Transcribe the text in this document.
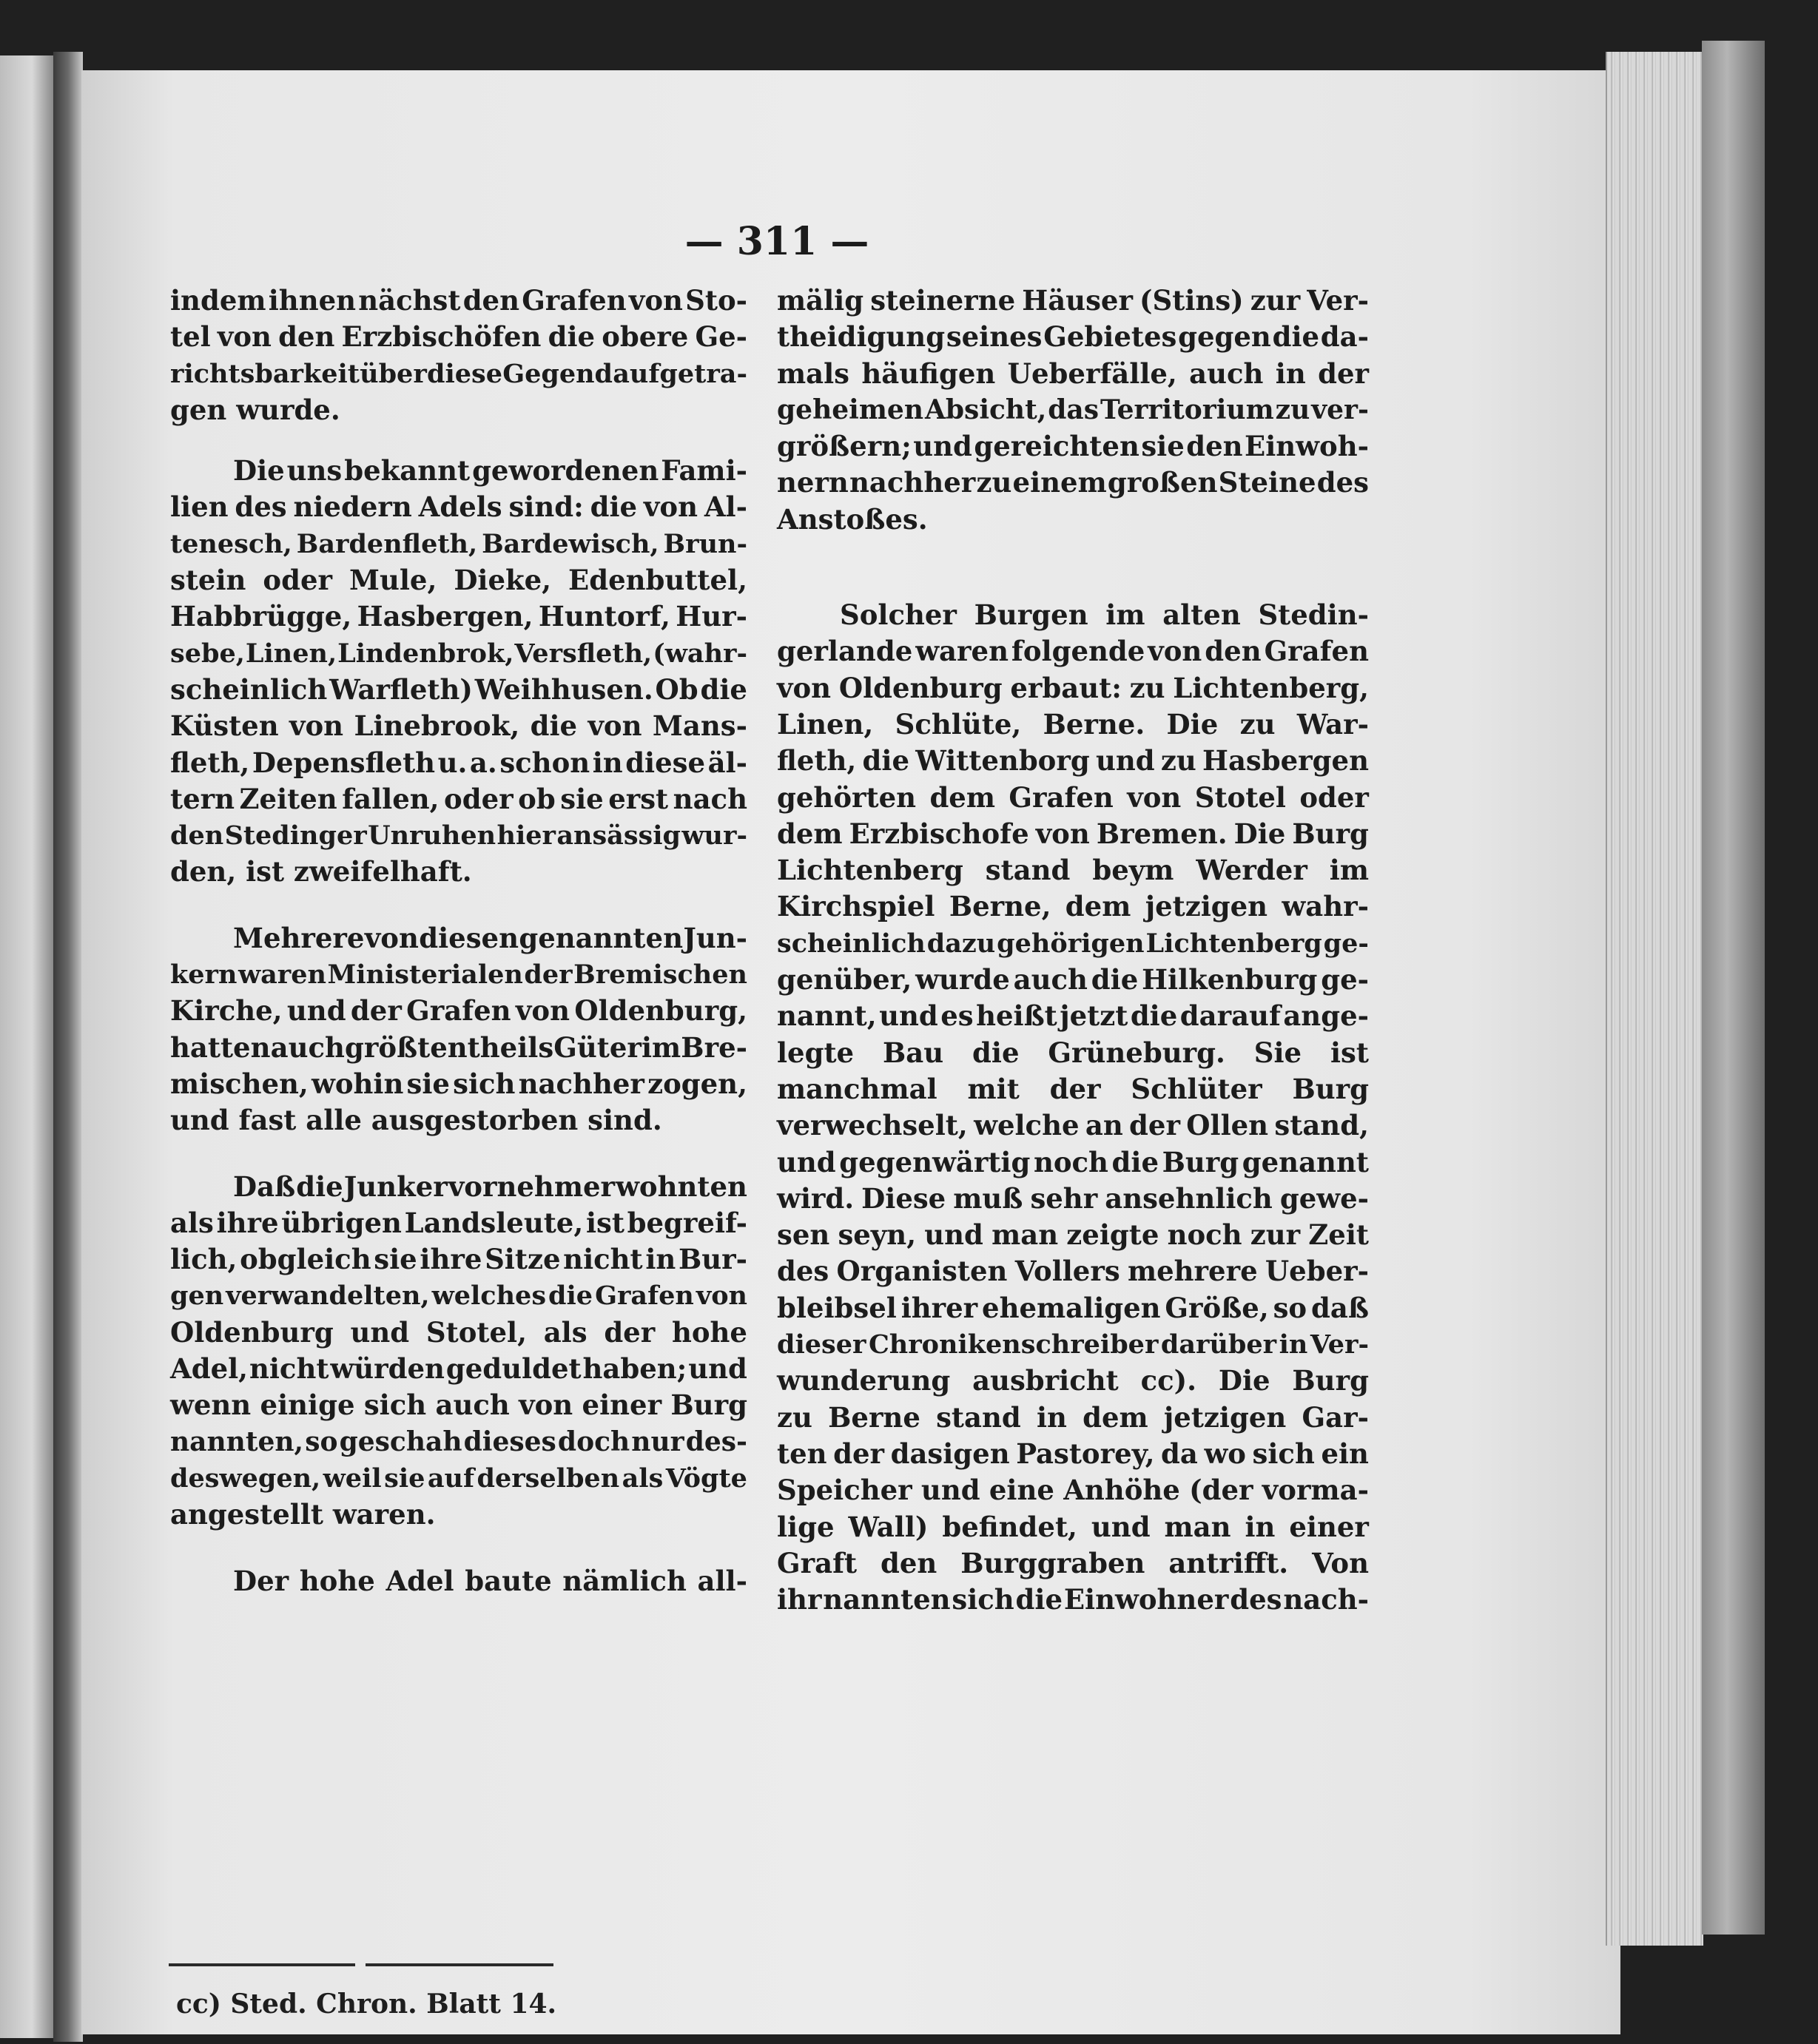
— 311 —
indem ihnen nächst den Grafen von Sto-
tel von den Erzbischöfen die obere Ge-
richtsbarkeit über diese Gegend aufgetra-
gen wurde.
Die uns bekannt gewordenen Fami-
lien des niedern Adels sind: die von Al-
tenesch, Bardenfleth, Bardewisch, Brun-
stein oder Mule, Dieke, Edenbuttel,
Habbrügge, Hasbergen, Huntorf, Hur-
sebe, Linen, Lindenbrok, Versfleth, (wahr-
scheinlich Warfleth) Weihhusen. Ob die
Küsten von Linebrook, die von Mans-
fleth, Depensfleth u. a. schon in diese äl-
tern Zeiten fallen, oder ob sie erst nach
den Stedinger Unruhen hier ansässig wur-
den, ist zweifelhaft.
Mehrere von diesen genannten Jun-
kern waren Ministerialen der Bremischen
Kirche, und der Grafen von Oldenburg,
hatten auch größtentheils Güter im Bre-
mischen, wohin sie sich nachher zogen,
und fast alle ausgestorben sind.
Daß die Junker vornehmer wohnten
als ihre übrigen Landsleute, ist begreif-
lich, obgleich sie ihre Sitze nicht in Bur-
gen verwandelten, welches die Grafen von
Oldenburg und Stotel, als der hohe
Adel, nicht würden geduldet haben; und
wenn einige sich auch von einer Burg
nannten, so geschah dieses doch nur des-
deswegen, weil sie auf derselben als Vögte
angestellt waren.
Der hohe Adel baute nämlich all-
mälig steinerne Häuser (Stins) zur Ver-
theidigung seines Gebietes gegen die da-
mals häufigen Ueberfälle, auch in der
geheimen Absicht, das Territorium zu ver-
größern; und gereichten sie den Einwoh-
nern nachher zu einem großen Steine des
Anstoßes.
Solcher Burgen im alten Stedin-
gerlande waren folgende von den Grafen
von Oldenburg erbaut: zu Lichtenberg,
Linen, Schlüte, Berne. Die zu War-
fleth, die Wittenborg und zu Hasbergen
gehörten dem Grafen von Stotel oder
dem Erzbischofe von Bremen. Die Burg
Lichtenberg stand beym Werder im
Kirchspiel Berne, dem jetzigen wahr-
scheinlich dazu gehörigen Lichtenberg ge-
genüber, wurde auch die Hilkenburg ge-
nannt, und es heißt jetzt die darauf ange-
legte Bau die Grüneburg. Sie ist
manchmal mit der Schlüter Burg
verwechselt, welche an der Ollen stand,
und gegenwärtig noch die Burg genannt
wird. Diese muß sehr ansehnlich gewe-
sen seyn, und man zeigte noch zur Zeit
des Organisten Vollers mehrere Ueber-
bleibsel ihrer ehemaligen Größe, so daß
dieser Chronikenschreiber darüber in Ver-
wunderung ausbricht cc). Die Burg
zu Berne stand in dem jetzigen Gar-
ten der dasigen Pastorey, da wo sich ein
Speicher und eine Anhöhe (der vorma-
lige Wall) befindet, und man in einer
Graft den Burggraben antrifft. Von
ihr nannten sich die Einwohner des nach-
cc) Sted. Chron. Blatt 14.
